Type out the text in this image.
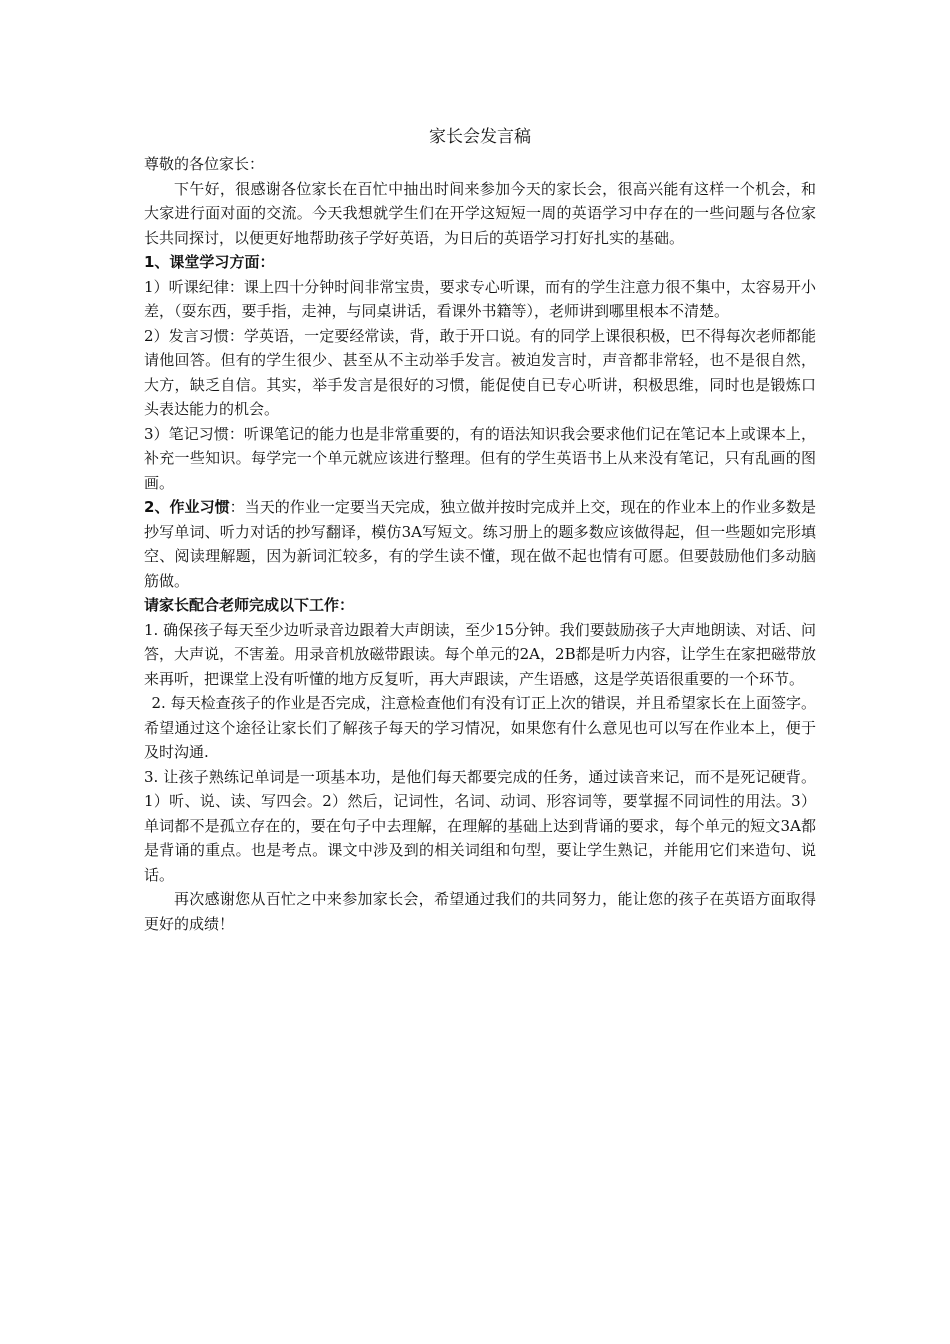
家长会发言稿

尊敬的各位家长：

下午好，很感谢各位家长在百忙中抽出时间来参加今天的家长会，很高兴能有这样一个机会，和大家进行面对面的交流。今天我想就学生们在开学这短短一周的英语学习中存在的一些问题与各位家长共同探讨，以便更好地帮助孩子学好英语，为日后的英语学习打好扎实的基础。

1、课堂学习方面：

1）听课纪律：课上四十分钟时间非常宝贵，要求专心听课，而有的学生注意力很不集中，太容易开小差，（耍东西，要手指，走神，与同桌讲话，看课外书籍等），老师讲到哪里根本不清楚。

2）发言习惯：学英语，一定要经常读，背，敢于开口说。有的同学上课很积极，巴不得每次老师都能请他回答。但有的学生很少、甚至从不主动举手发言。被迫发言时，声音都非常轻，也不是很自然，大方，缺乏自信。其实，举手发言是很好的习惯，能促使自已专心听讲，积极思维，同时也是锻炼口头表达能力的机会。

3）笔记习惯：听课笔记的能力也是非常重要的，有的语法知识我会要求他们记在笔记本上或课本上，补充一些知识。每学完一个单元就应该进行整理。但有的学生英语书上从来没有笔记，只有乱画的图画。

2、作业习惯：当天的作业一定要当天完成，独立做并按时完成并上交，现在的作业本上的作业多数是抄写单词、听力对话的抄写翻译，模仿3A写短文。练习册上的题多数应该做得起，但一些题如完形填空、阅读理解题，因为新词汇较多，有的学生读不懂，现在做不起也情有可愿。但要鼓励他们多动脑筋做。

请家长配合老师完成以下工作：

1. 确保孩子每天至少边听录音边跟着大声朗读，至少15分钟。我们要鼓励孩子大声地朗读、对话、问答，大声说，不害羞。用录音机放磁带跟读。每个单元的2A，2B都是听力内容，让学生在家把磁带放来再听，把课堂上没有听懂的地方反复听，再大声跟读，产生语感，这是学英语很重要的一个环节。

2. 每天检查孩子的作业是否完成，注意检查他们有没有订正上次的错误，并且希望家长在上面签字。希望通过这个途径让家长们了解孩子每天的学习情况，如果您有什么意见也可以写在作业本上，便于及时沟通.

3. 让孩子熟练记单词是一项基本功，是他们每天都要完成的任务，通过读音来记，而不是死记硬背。1）听、说、读、写四会。2）然后，记词性，名词、动词、形容词等，要掌握不同词性的用法。3）单词都不是孤立存在的，要在句子中去理解，在理解的基础上达到背诵的要求，每个单元的短文3A都是背诵的重点。也是考点。课文中涉及到的相关词组和句型，要让学生熟记，并能用它们来造句、说话。

再次感谢您从百忙之中来参加家长会，希望通过我们的共同努力，能让您的孩子在英语方面取得更好的成绩！
